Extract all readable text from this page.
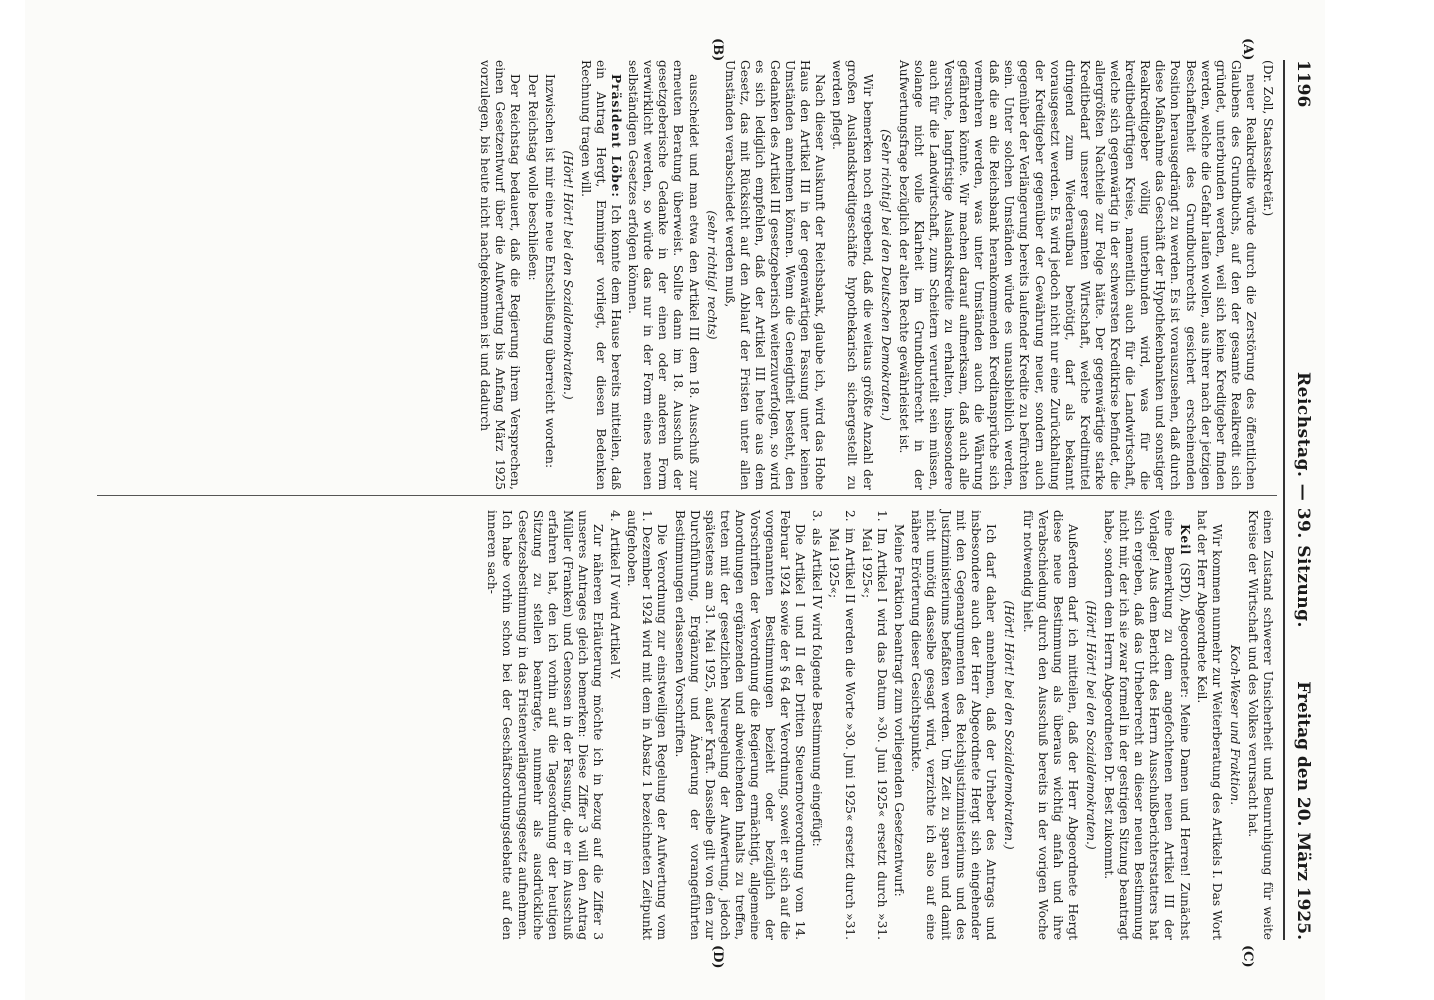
1196
Reichstag. — 39. Sitzung.
Freitag den 20. März 1925.
(A)
(B)
(C)
(D)

(Dr. Zoll, Staatssekretär.)

neuer Realkredite würde durch die Zerstörung des öffentlichen Glaubens des Grundbuchs, auf den der gesamte Realkredit sich gründet, unterbunden werden, weil sich keine Kreditgeber finden werden, welche die Gefahr laufen wollen, aus ihrer nach der jetzigen Beschaffenheit des Grundbuchrechts gesichert erscheinenden Position herausgedrängt zu werden. Es ist vorauszusehen, daß durch diese Maßnahme das Geschäft der Hypothekenbanken und sonstiger Realkreditgeber völlig unterbunden wird, was für die kreditbedürftigen Kreise, namentlich auch für die Landwirtschaft, welche sich gegenwärtig in der schwersten Kreditkrise befindet, die allergrößten Nachteile zur Folge hätte. Der gegenwärtige starke Kreditbedarf unserer gesamten Wirtschaft, welche Kreditmittel dringend zum Wiederaufbau benötigt, darf als bekannt vorausgesetzt werden. Es wird jedoch nicht nur eine Zurückhaltung der Kreditgeber gegenüber der Gewährung neuer, sondern auch gegenüber der Verlängerung bereits laufender Kredite zu befürchten sein. Unter solchen Umständen würde es unausbleiblich werden, daß die an die Reichsbank herankommenden Kreditansprüche sich vermehren werden, was unter Umständen auch die Währung gefährden könnte. Wir machen darauf aufmerksam, daß auch alle Versuche, langfristige Auslandskredite zu erhalten, insbesondere auch für die Landwirtschaft, zum Scheitern verurteilt sein müssen, solange nicht volle Klarheit im Grundbuchrecht in der Aufwertungsfrage bezüglich der alten Rechte gewährleistet ist.

(Sehr richtig! bei den Deutschen Demokraten.)

Wir bemerken noch ergebend, daß die weitaus größte Anzahl der großen Auslandskreditgeschäfte hypothekarisch sichergestellt zu werden pflegt.

Nach dieser Auskunft der Reichsbank, glaube ich, wird das Hohe Haus den Artikel III in der gegenwärtigen Fassung unter keinen Umständen annehmen können. Wenn die Geneigtheit besteht, den Gedanken des Artikel III gesetzgeberisch weiterzuverfolgen, so wird es sich lediglich empfehlen, daß der Artikel III heute aus dem Gesetz, das mit Rücksicht auf den Ablauf der Fristen unter allen Umständen verabschiedet werden muß,

(sehr richtig! rechts)

ausscheidet und man etwa den Artikel III dem 18. Ausschuß zur erneuten Beratung überweist. Sollte dann im 18. Ausschuß der gesetzgeberische Gedanke in der einen oder anderen Form verwirklicht werden, so würde das nur in der Form eines neuen selbständigen Gesetzes erfolgen können.

Präsident Löbe: Ich konnte dem Hause bereits mitteilen, daß ein Antrag Hergt, Emminger vorliegt, der diesen Bedenken Rechnung tragen will.

(Hört! Hört! bei den Sozialdemokraten.)

Inzwischen ist mir eine neue Entschließung überreicht worden:

Der Reichstag wolle beschließen:

Der Reichstag bedauert, daß die Regierung ihrem Versprechen, einen Gesetzentwurf über die Aufwertung bis Anfang März 1925 vorzulegen, bis heute nicht nachgekommen ist und dadurch

einen Zustand schwerer Unsicherheit und Beunruhigung für weite Kreise der Wirtschaft und des Volkes verursacht hat.

Koch-Weser und Fraktion.

Wir kommen nunmehr zur Weiterberatung des Artikels I. Das Wort hat der Herr Abgeordnete Keil.

Keil (SPD), Abgeordneter: Meine Damen und Herren! Zunächst eine Bemerkung zu dem angefochtenen neuen Artikel III der Vorlage! Aus dem Bericht des Herrn Ausschußberichterstatters hat sich ergeben, daß das Urheberrecht an dieser neuen Bestimmung nicht mir, der ich sie zwar formell in der gestrigen Sitzung beantragt habe, sondern dem Herrn Abgeordneten Dr. Best zukommt.

(Hört! Hört! bei den Sozialdemokraten.)

Außerdem darf ich mitteilen, daß der Herr Abgeordnete Hergt diese neue Bestimmung als überaus wichtig anfah und ihre Verabschiedung durch den Ausschuß bereits in der vorigen Woche für notwendig hielt.

(Hört! Hört! bei den Sozialdemokraten.)

Ich darf daher annehmen, daß der Urheber des Antrags und insbesondere auch der Herr Abgeordnete Hergt sich eingehender mit den Gegenargumenten des Reichsjustizministeriums und des Justizministeriums befaßten werden. Um Zeit zu sparen und damit nicht unnötig dasselbe gesagt wird, verzichte ich also auf eine nähere Erörterung dieser Gesichtspunkte.

Meine Fraktion beantragt zum vorliegenden Gesetzentwurf:

1.
Im Artikel I wird das Datum »30. Juni 1925« ersetzt durch »31. Mai 1925«;

2.
im Artikel II werden die Worte »30. Juni 1925« ersetzt durch »31. Mai 1925«;

3.
als Artikel IV wird folgende Bestimmung eingefügt:

Die Artikel I und II der Dritten Steuernotverordnung vom 14. Februar 1924 sowie der § 64 der Verordnung, soweit er sich auf die vorgenannten Bestimmungen bezieht oder bezüglich der Vorschriften der Verordnung die Regierung ermächtigt, allgemeine Anordnungen ergänzenden und abweichenden Inhalts zu treffen, treten mit der gesetzlichen Neuregelung der Aufwertung, jedoch spätestens am 31. Mai 1925, außer Kraft. Dasselbe gilt von den zur Durchführung, Ergänzung und Änderung der vorangeführten Bestimmungen erlassenen Vorschriften.

Die Verordnung zur einstweiligen Regelung der Aufwertung vom 1. Dezember 1924 wird mit dem in Absatz 1 bezeichneten Zeitpunkt aufgehoben.

4.
Artikel IV wird Artikel V.

Zur näheren Erläuterung möchte ich in bezug auf die Ziffer 3 unseres Antrages gleich bemerken: Diese Ziffer 3 will den Antrag Müller (Franken) und Genossen in der Fassung, die er im Ausschuß erfahren hat, den ich vorhin auf die Tagesordnung der heutigen Sitzung zu stellen beantragte, nunmehr als ausdrückliche Gesetzesbestimmung in das Fristenverlängerungsgesetz aufnehmen. Ich habe vorhin schon bei der Geschäftsordnungsdebatte auf den inneren sach-
